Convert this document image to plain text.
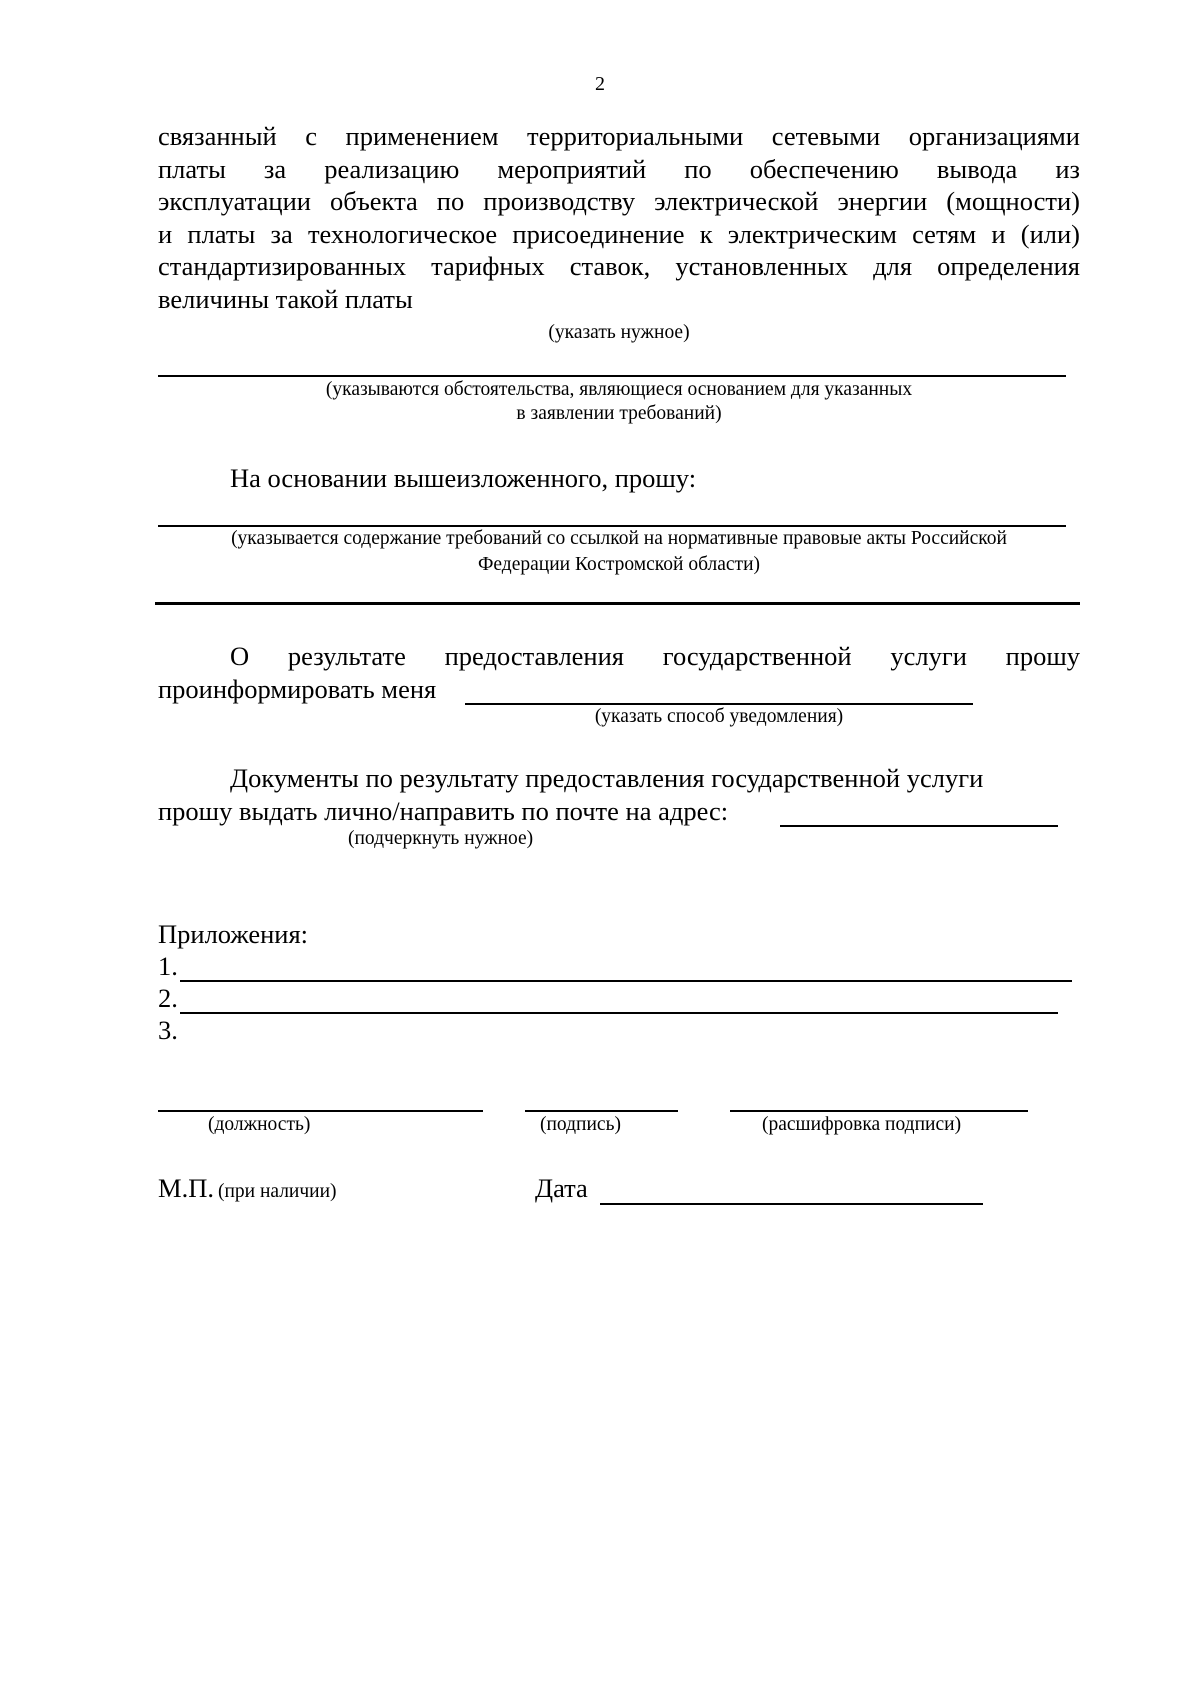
2
связанный с применением территориальными сетевыми организациями
платы за реализацию мероприятий по обеспечению вывода из
эксплуатации объекта по производству электрической энергии (мощности)
и платы за технологическое присоединение к электрическим сетям и (или)
стандартизированных тарифных ставок, установленных для определения
величины такой платы
(указать нужное)
(указываются обстоятельства, являющиеся основанием для указанных
в заявлении требований)
На основании вышеизложенного, прошу:
(указывается содержание требований со ссылкой на нормативные правовые акты Российской
Федерации Костромской области)
О результате предоставления государственной услуги прошу
проинформировать меня
(указать способ уведомления)
Документы по результату предоставления государственной услуги
прошу выдать лично/направить по почте на адрес:
(подчеркнуть нужное)
Приложения:
1.
2.
3.
(должность)	(подпись)	(расшифровка подписи)
М.П. (при наличии)	Дата
